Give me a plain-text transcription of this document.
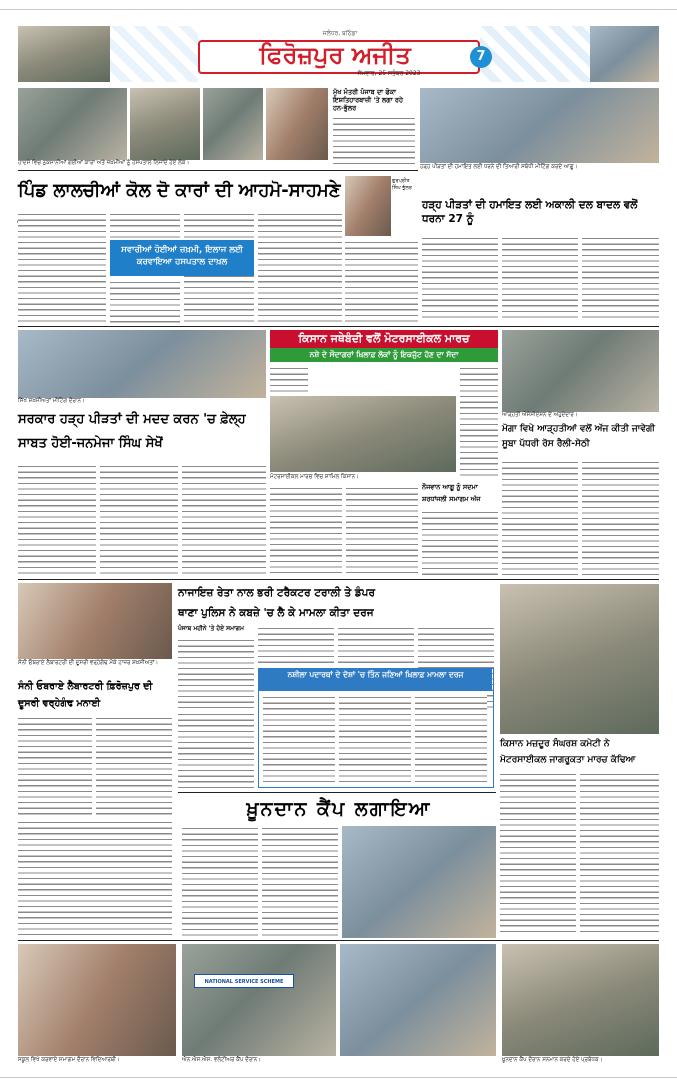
ਜਲੰਧਰ, ਬਠਿੰਡਾ
ਫਿਰੋਜ਼ਪੁਰ ਅਜੀਤ
ਸੋਮਵਾਰ, 25 ਸਤੰਬਰ 2023
7
ਹਾਦਸੇ ਵਿਚ ਨੁਕਸਾਨੀਆਂ ਗਈਆਂ ਕਾਰਾਂ ਅਤੇ ਜ਼ਖ਼ਮੀਆਂ ਨੂੰ ਹਸਪਤਾਲ ਲਿਜਾਂਦੇ ਹੋਏ ਲੋਕ।
ਮੁੱਖ ਮੰਤਰੀ ਪੰਜਾਬ ਦਾ ਫੋਕਾ ਇਸ਼ਤਿਹਾਰਬਾਜ਼ੀ 'ਤੇ ਲਗਾ ਰਹੇ ਹਨ-ਭੁੱਲਰ
ਹੜ੍ਹ ਪੀੜਤਾਂ ਦੀ ਹਮਾਇਤ ਲਈ ਧਰਨੇ ਦੀ ਤਿਆਰੀ ਸਬੰਧੀ ਮੀਟਿੰਗ ਕਰਦੇ ਆਗੂ।
ਪਿੰਡ ਲਾਲਚੀਆਂ ਕੋਲ ਦੋ ਕਾਰਾਂ ਦੀ ਆਹਮੋ-ਸਾਹਮਣੇ
ਸਵਾਰੀਆਂ ਹੋਈਆਂ ਜ਼ਖ਼ਮੀ, ਇਲਾਜ ਲਈ ਕਰਵਾਇਆ ਹਸਪਤਾਲ ਦਾਖ਼ਲ
ਗੁਰਪ੍ਰੀਤ ਸਿੰਘ ਭੁੱਲਰ
ਹੜ੍ਹ ਪੀੜਤਾਂ ਦੀ ਹਮਾਇਤ ਲਈ ਅਕਾਲੀ ਦਲ ਬਾਦਲ ਵਲੋਂ ਧਰਨਾ 27 ਨੂੰ
ਸਿੱਖ ਸ਼ਖ਼ਸੀਅਤਾਂ ਮੀਟਿੰਗ ਦੌਰਾਨ।
ਕਿਸਾਨ ਜਥੇਬੰਦੀ ਵਲੋਂ ਮੋਟਰਸਾਈਕਲ ਮਾਰਚ
ਨਸ਼ੇ ਦੇ ਸੌਦਾਗਰਾਂ ਖ਼ਿਲਾਫ਼ ਲੋਕਾਂ ਨੂੰ ਇਕਜੁੱਟ ਹੋਣ ਦਾ ਸੱਦਾ
ਮੋਟਰਸਾਈਕਲ ਮਾਰਚ ਵਿਚ ਸ਼ਾਮਿਲ ਕਿਸਾਨ।
ਆੜ੍ਹਤੀ ਐਸੋਸੀਏਸ਼ਨ ਦੇ ਅਹੁਦੇਦਾਰ।
ਮੋਗਾ ਵਿਖੇ ਆੜ੍ਹਤੀਆਂ ਵਲੋਂ ਅੱਜ ਕੀਤੀ ਜਾਵੇਗੀ ਸੂਬਾ ਪੱਧਰੀ ਰੋਸ ਰੈਲੀ-ਸੇਠੀ
ਸਰਕਾਰ ਹੜ੍ਹ ਪੀੜਤਾਂ ਦੀ ਮਦਦ ਕਰਨ 'ਚ ਫ਼ੇਲ੍ਹ ਸਾਬਤ ਹੋਈ-ਜਨਮੇਜਾ ਸਿੰਘ ਸੇਖੋਂ
ਨੌਜਵਾਨ ਆਗੂ ਨੂੰ ਸਦਮਾ
ਸ਼ਰਧਾਂਜਲੀ ਸਮਾਗਮ ਅੱਜ
ਸੰਨੀ ਓਬਰਾਏ ਲੈਬਾਰਟਰੀ ਦੀ ਦੂਸਰੀ ਵਰ੍ਹੇਗੰਢ ਮੌਕੇ ਹਾਜ਼ਰ ਸ਼ਖ਼ਸੀਅਤਾਂ।
ਸੰਨੀ ਓਬਰਾਏ ਲੈਬਾਰਟਰੀ ਫ਼ਿਰੋਜ਼ਪੁਰ ਦੀ ਦੂਸਰੀ ਵਰ੍ਹੇਗੰਢ ਮਨਾਈ
ਨਾਜਾਇਜ਼ ਰੇਤਾ ਨਾਲ ਭਰੀ ਟਰੈਕਟਰ ਟਰਾਲੀ ਤੇ ਡੰਪਰ
ਥਾਣਾ ਪੁਲਿਸ ਨੇ ਕਬਜ਼ੇ 'ਚ ਲੈ ਕੇ ਮਾਮਲਾ ਕੀਤਾ ਦਰਜ
ਪੰਜਾਬ ਮਹੀਨੇ 'ਤੇ ਹੋਏ ਸਮਾਗਮ
ਨਸ਼ੀਲਾ ਪਦਾਰਥਾਂ ਦੇ ਦੋਸ਼ਾਂ 'ਚ ਤਿੰਨ ਜਣਿਆਂ ਖ਼ਿਲਾਫ਼ ਮਾਮਲਾ ਦਰਜ
ਕਿਸਾਨ ਮਜ਼ਦੂਰ ਸੰਘਰਸ਼ ਕਮੇਟੀ ਨੇ ਮੋਟਰਸਾਈਕਲ ਜਾਗਰੂਕਤਾ ਮਾਰਚ ਕੱਢਿਆ
ਖ਼ੂਨਦਾਨ ਕੈਂਪ ਲਗਾਇਆ
ਸਕੂਲ ਵਿਖੇ ਕਰਵਾਏ ਸਮਾਗਮ ਦੌਰਾਨ ਵਿਦਿਆਰਥੀ।
NATIONAL SERVICE SCHEME
ਐਨ.ਐਸ.ਐਸ. ਵਲੰਟੀਅਰ ਕੈਂਪ ਦੌਰਾਨ।	ਖ਼ੂਨਦਾਨ ਕੈਂਪ ਦੌਰਾਨ ਸਨਮਾਨ ਕਰਦੇ ਹੋਏ ਪ੍ਰਬੰਧਕ।
